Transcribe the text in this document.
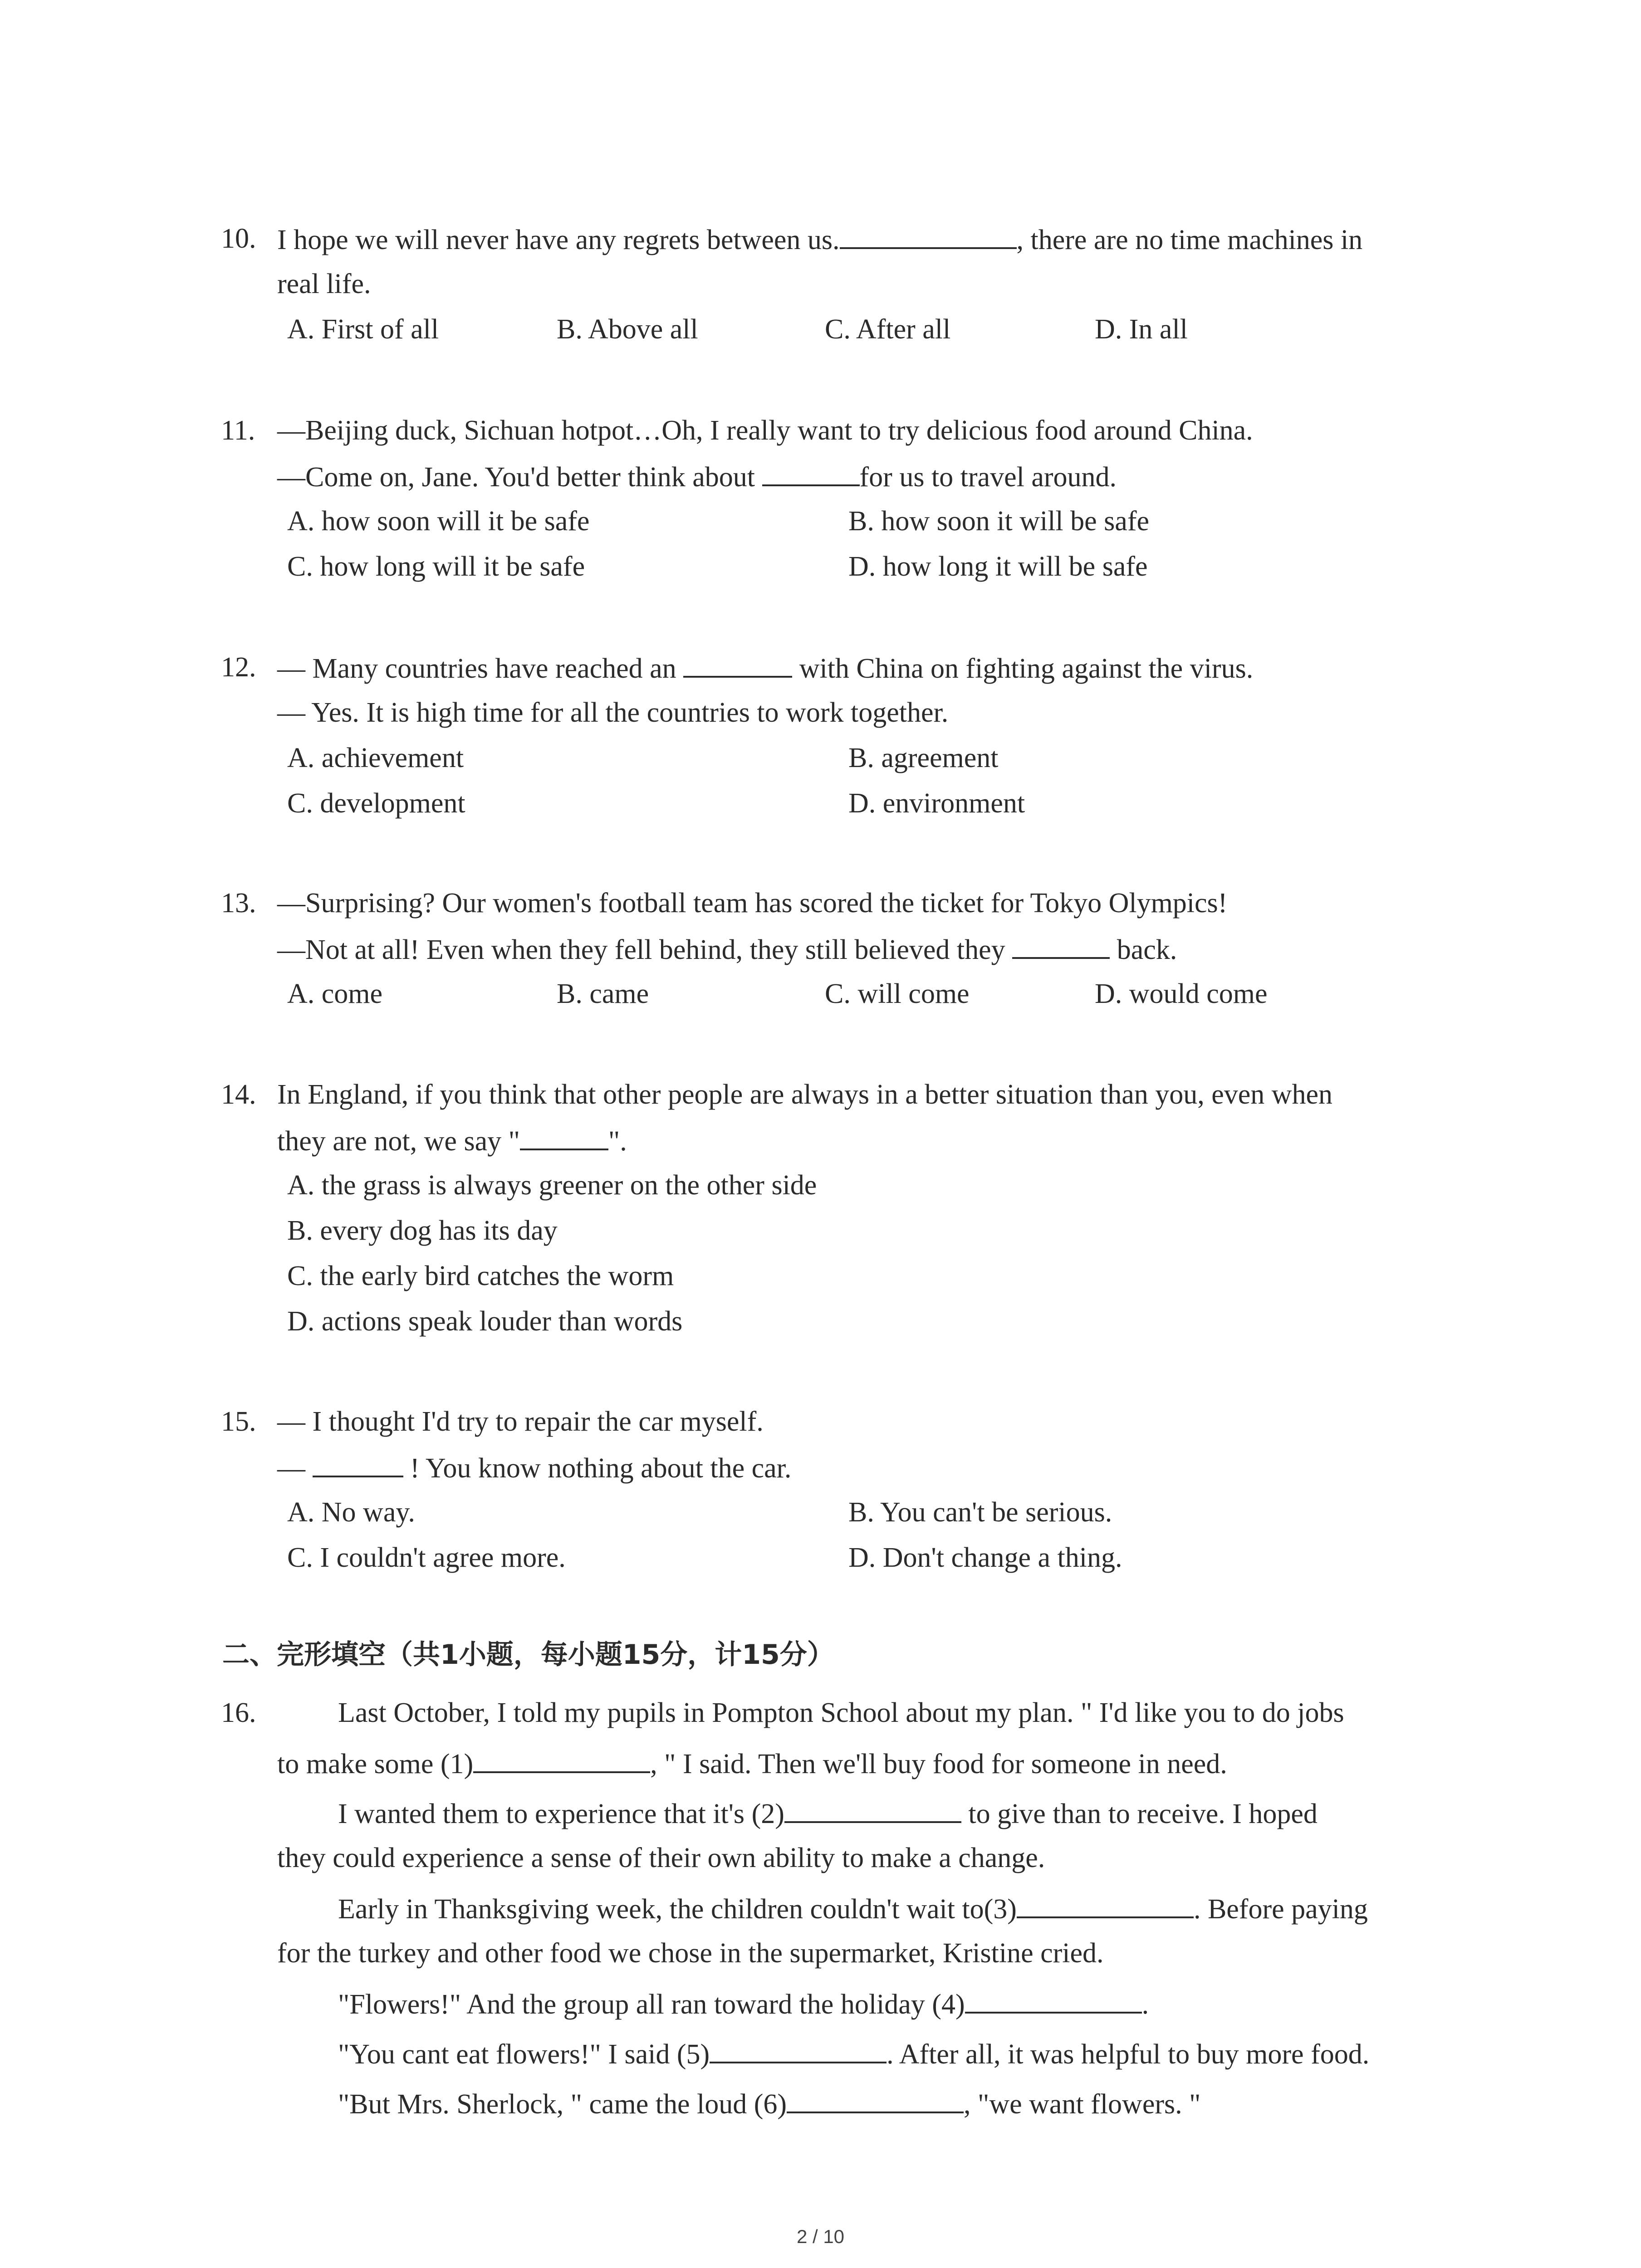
10. I hope we will never have any regrets between us.	, there are no time machines in
real life.
A. First of all	B. Above all	C. After all	D. In all
11. —Beijing duck, Sichuan hotpot…Oh, I really want to try delicious food around China.
—Come on, Jane. You'd better think about	for us to travel around.
A. how soon will it be safe	B. how soon it will be safe
C. how long will it be safe	D. how long it will be safe
12. — Many countries have reached an	with China on fighting against the virus.
— Yes. It is high time for all the countries to work together.
A. achievement	B. agreement
C. development	D. environment
13. —Surprising? Our women's football team has scored the ticket for Tokyo Olympics!
—Not at all! Even when they fell behind, they still believed they	back.
A. come	B. came	C. will come	D. would come
14. In England, if you think that other people are always in a better situation than you, even when
they are not, we say "	".
A. the grass is always greener on the other side
B. every dog has its day
C. the early bird catches the worm
D. actions speak louder than words
15. — I thought I'd try to repair the car myself.
—	! You know nothing about the car.
A. No way.	B. You can't be serious.
C. I couldn't agree more.	D. Don't change a thing.
二、完形填空（共1小题，每小题15分，计15分）
16.	Last October, I told my pupils in Pompton School about my plan. " I'd like you to do jobs
to make some (1)	, " I said. Then we'll buy food for someone in need.
I wanted them to experience that it's (2)	to give than to receive. I hoped
they could experience a sense of their own ability to make a change.
Early in Thanksgiving week, the children couldn't wait to(3)	. Before paying
for the turkey and other food we chose in the supermarket, Kristine cried.
"Flowers!" And the group all ran toward the holiday (4)	.
"You cant eat flowers!" I said (5)	. After all, it was helpful to buy more food.
"But Mrs. Sherlock, " came the loud (6)	, "we want flowers. "
2 / 10
